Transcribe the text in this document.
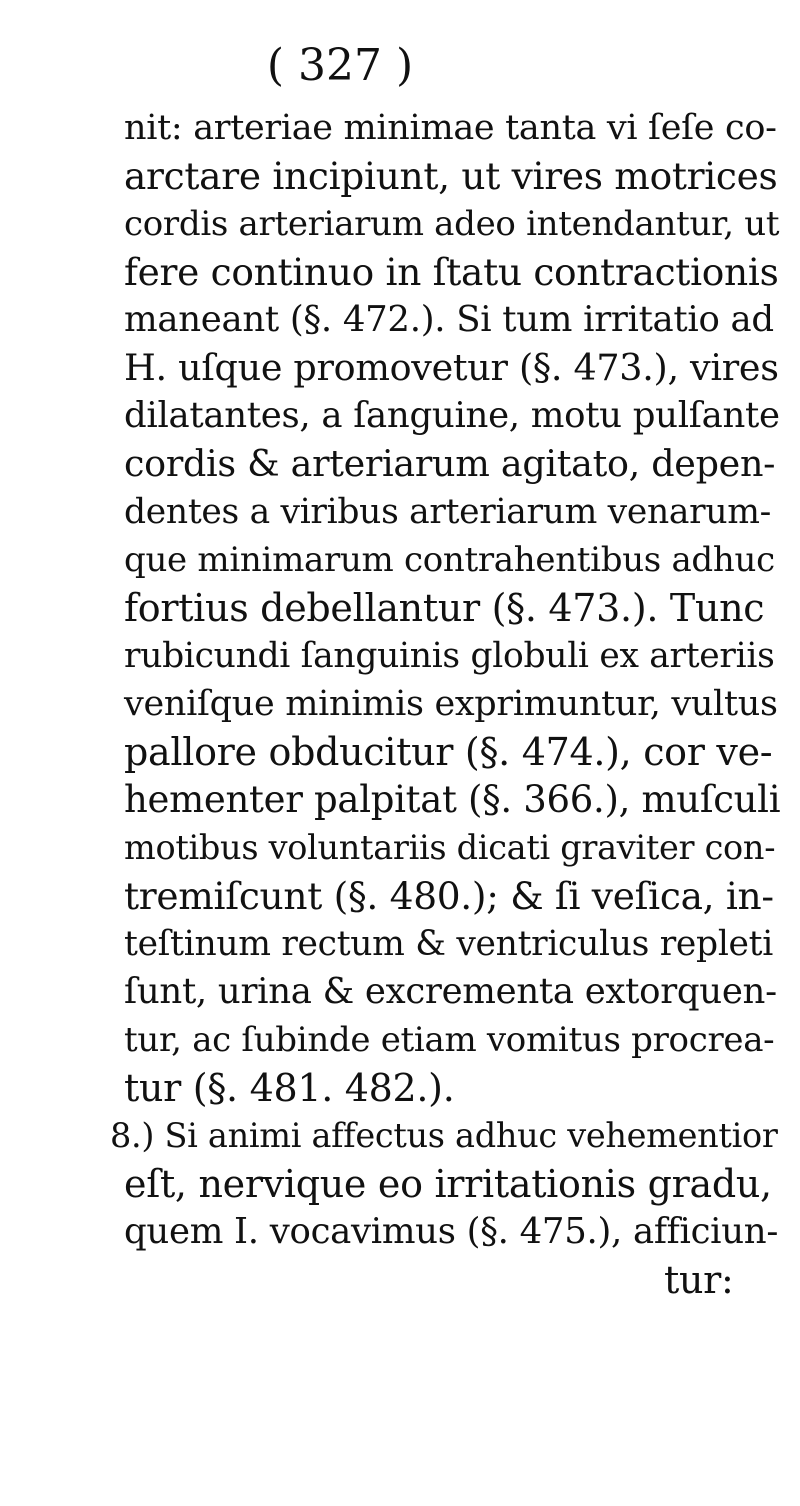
( 327 )
nit: arteriae minimae tanta vi ſeſe co-
arctare incipiunt, ut vires motrices
cordis arteriarum adeo intendantur, ut
fere continuo in ſtatu contractionis
maneant (§. 472.). Si tum irritatio ad
H. uſque promovetur (§. 473.), vires
dilatantes, a ſanguine, motu pulſante
cordis & arteriarum agitato, depen-
dentes a viribus arteriarum venarum-
que minimarum contrahentibus adhuc
fortius debellantur (§. 473.). Tunc
rubicundi ſanguinis globuli ex arteriis
veniſque minimis exprimuntur, vultus
pallore obducitur (§. 474.), cor ve-
hementer palpitat (§. 366.), muſculi
motibus voluntariis dicati graviter con-
tremiſcunt (§. 480.); & ſi veſica, in-
teſtinum rectum & ventriculus repleti
ſunt, urina & excrementa extorquen-
tur, ac ſubinde etiam vomitus procrea-
tur (§. 481. 482.).
8.) Si animi affectus adhuc vehementior
eſt, nervique eo irritationis gradu,
quem I. vocavimus (§. 475.), afficiun-
tur:
